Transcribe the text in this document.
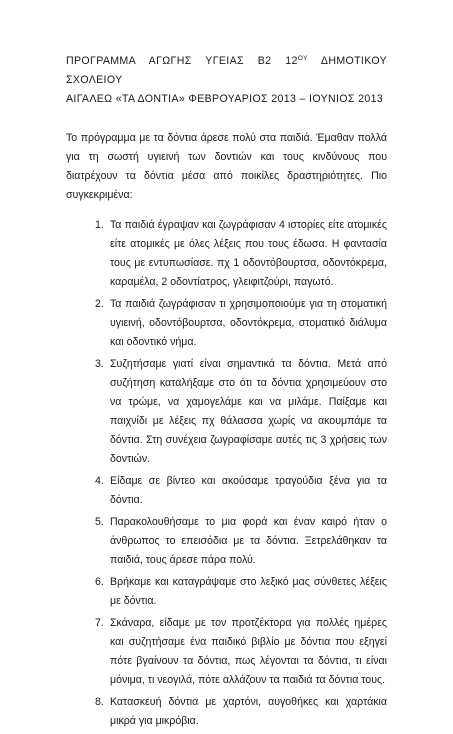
ΠΡΟΓΡΑΜΜΑ ΑΓΩΓΗΣ ΥΓΕΙΑΣ Β2 $12^{O\Upsilon}$ ΔΗΜΟΤΙΚΟΥ ΣΧΟΛΕΙΟΥ

ΑΙΓΑΛΕΩ «ΤΑ ΔΟΝΤΙΑ» ΦΕΒΡΟΥΑΡΙΟΣ 2013 – ΙΟΥΝΙΟΣ 2013

Το πρόγραμμα με τα δόντια άρεσε πολύ στα παιδιά. Έμαθαν πολλά για τη σωστή υγιεινή των δοντιών και τους κινδύνους που διατρέχουν τα δόντια μέσα από ποικίλες δραστηριότητες. Πιο συγκεκριμένα:

1. Τα παιδιά έγραψαν και ζωγράφισαν 4 ιστορίες είτε ατομικές είτε ατομικές με όλες λέξεις που τους έδωσα. Η φαντασία τους με εντυπωσίασε. πχ 1 οδοντόβουρτσα, οδοντόκρεμα, καραμέλα, 2 οδοντίατρος, γλειφιτζούρι, παγωτό.
2. Τα παιδιά ζωγράφισαν τι χρησιμοποιούμε για τη στοματική υγιεινή, οδοντόβουρτσα, οδοντόκρεμα, στοματικό διάλυμα και οδοντικό νήμα.
3. Συζητήσαμε γιατί είναι σημαντικά τα δόντια. Μετά από συζήτηση καταλήξαμε στο ότι τα δόντια χρησιμεύουν στο να τρώμε, να χαμογελάμε και να μιλάμε. Παίξαμε και παιχνίδι με λέξεις πχ θάλασσα χωρίς να ακουμπάμε τα δόντια. Στη συνέχεια ζωγραφίσαμε αυτές τις 3 χρήσεις των δοντιών.
4. Είδαμε σε βίντεο και ακούσαμε τραγούδια ξένα για τα δόντια.
5. Παρακολουθήσαμε το μια φορά και έναν καιρό ήταν ο άνθρωπος το επεισόδια με τα δόντια. Ξετρελάθηκαν τα παιδιά, τους άρεσε πάρα πολύ.
6. Βρήκαμε και καταγράψαμε στο λεξικό μας σύνθετες λέξεις με δόντια.
7. Σκάναρα, είδαμε με τον προτζέκτορα για πολλές ημέρες και συζητήσαμε ένα παιδικό βιβλίο με δόντια που εξηγεί πότε βγαίνουν τα δόντια, πως λέγονται τα δόντια, τι είναι μόνιμα, τι νεογιλά, πότε αλλάζουν τα παιδιά τα δόντια τους.
8. Κατασκευή δόντια με χαρτόνι, αυγοθήκες και χαρτάκια μικρά για μικρόβια.
